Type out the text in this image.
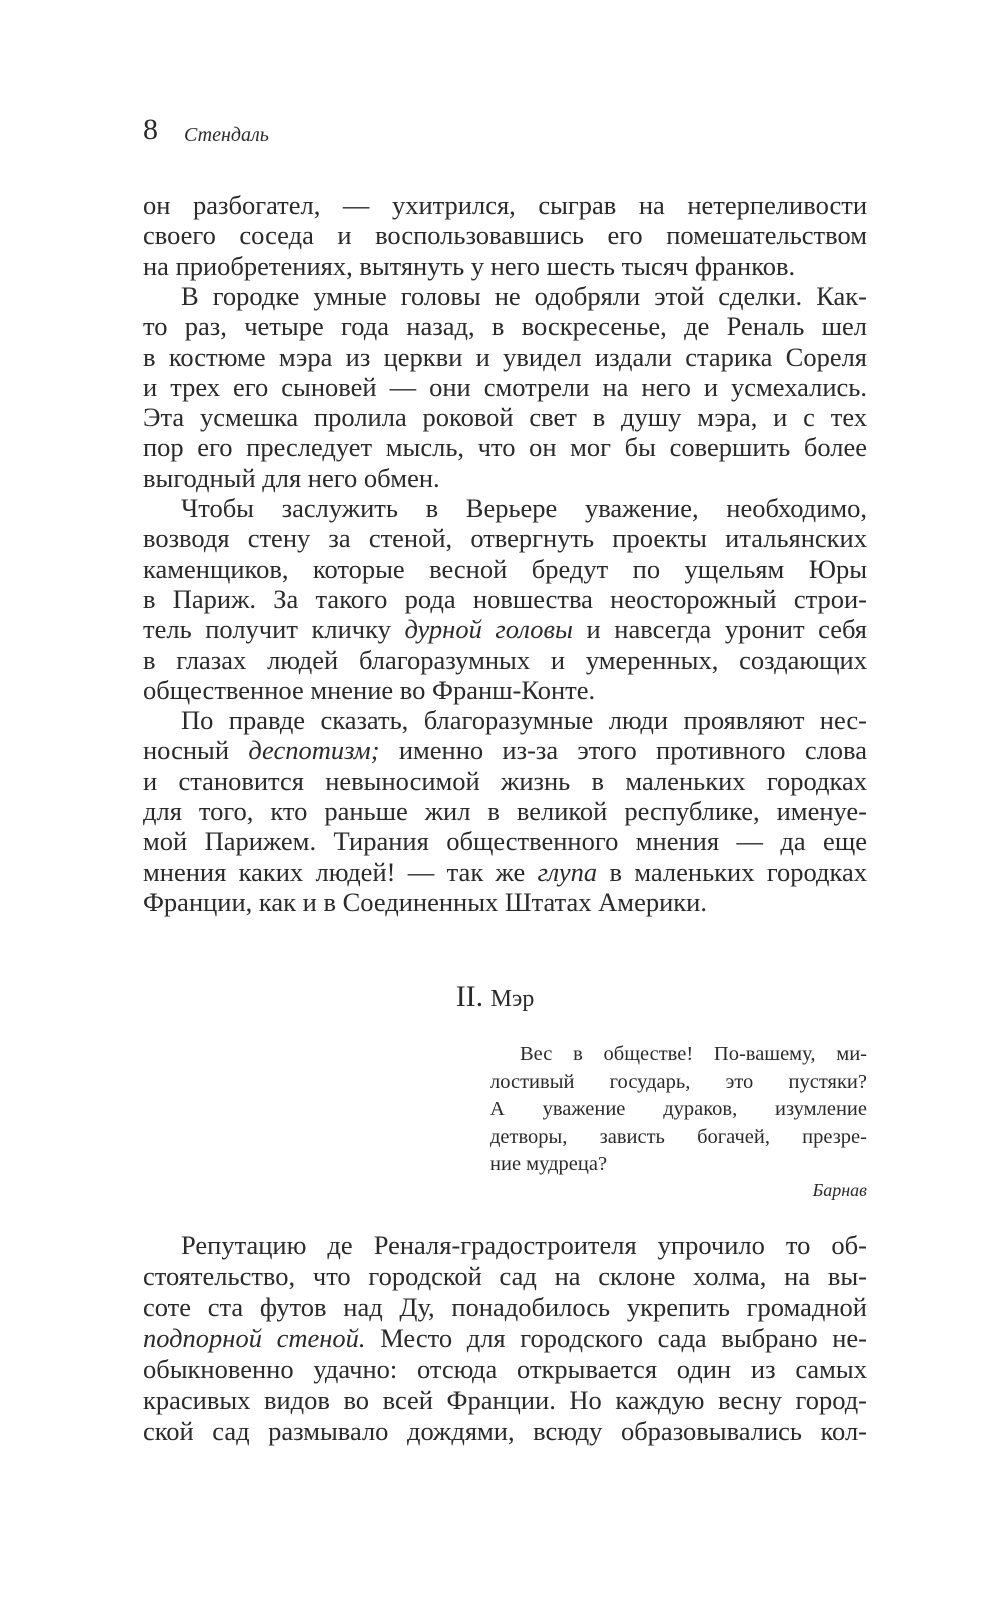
8 Стендаль
он разбогател, — ухитрился, сыграв на нетерпеливости
своего соседа и воспользовавшись его помешательством
на приобретениях, вытянуть у него шесть тысяч франков.
В городке умные головы не одобряли этой сделки. Как-
то раз, четыре года назад, в воскресенье, де Реналь шел
в костюме мэра из церкви и увидел издали старика Сореля
и трех его сыновей — они смотрели на него и усмехались.
Эта усмешка пролила роковой свет в душу мэра, и с тех
пор его преследует мысль, что он мог бы совершить более
выгодный для него обмен.
Чтобы заслужить в Верьере уважение, необходимо,
возводя стену за стеной, отвергнуть проекты итальянских
каменщиков, которые весной бредут по ущельям Юры
в Париж. За такого рода новшества неосторожный строи-
тель получит кличку дурной головы и навсегда уронит себя
в глазах людей благоразумных и умеренных, создающих
общественное мнение во Франш-Конте.
По правде сказать, благоразумные люди проявляют нес-
носный деспотизм; именно из-за этого противного слова
и становится невыносимой жизнь в маленьких городках
для того, кто раньше жил в великой республике, именуе-
мой Парижем. Тирания общественного мнения — да еще
мнения каких людей! — так же глупа в маленьких городках
Франции, как и в Соединенных Штатах Америки.
II. Мэр
Вес в обществе! По-вашему, ми-
лостивый государь, это пустяки?
А уважение дураков, изумление
детворы, зависть богачей, презре-
ние мудреца?
Барнав
Репутацию де Реналя-градостроителя упрочило то об-
стоятельство, что городской сад на склоне холма, на вы-
соте ста футов над Ду, понадобилось укрепить громадной
подпорной стеной. Место для городского сада выбрано не-
обыкновенно удачно: отсюда открывается один из самых
красивых видов во всей Франции. Но каждую весну город-
ской сад размывало дождями, всюду образовывались кол-
